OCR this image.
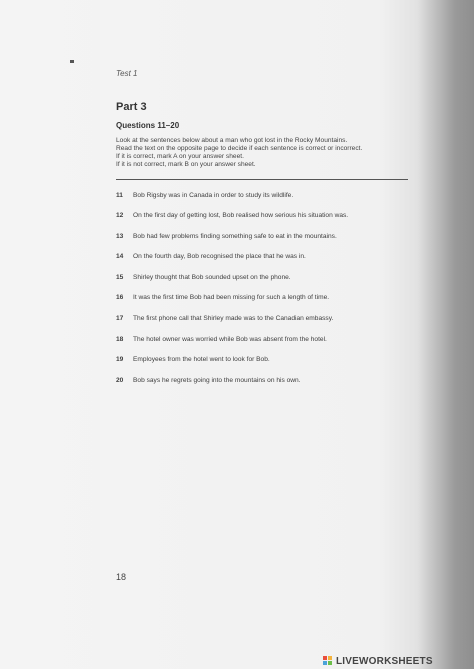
Test 1
Part 3
Questions 11–20
Look at the sentences below about a man who got lost in the Rocky Mountains.
Read the text on the opposite page to decide if each sentence is correct or incorrect.
If it is correct, mark A on your answer sheet.
If it is not correct, mark B on your answer sheet.
11	Bob Rigsby was in Canada in order to study its wildlife.
12	On the first day of getting lost, Bob realised how serious his situation was.
13	Bob had few problems finding something safe to eat in the mountains.
14	On the fourth day, Bob recognised the place that he was in.
15	Shirley thought that Bob sounded upset on the phone.
16	It was the first time Bob had been missing for such a length of time.
17	The first phone call that Shirley made was to the Canadian embassy.
18	The hotel owner was worried while Bob was absent from the hotel.
19	Employees from the hotel went to look for Bob.
20	Bob says he regrets going into the mountains on his own.
18
LIVEWORKSHEETS
